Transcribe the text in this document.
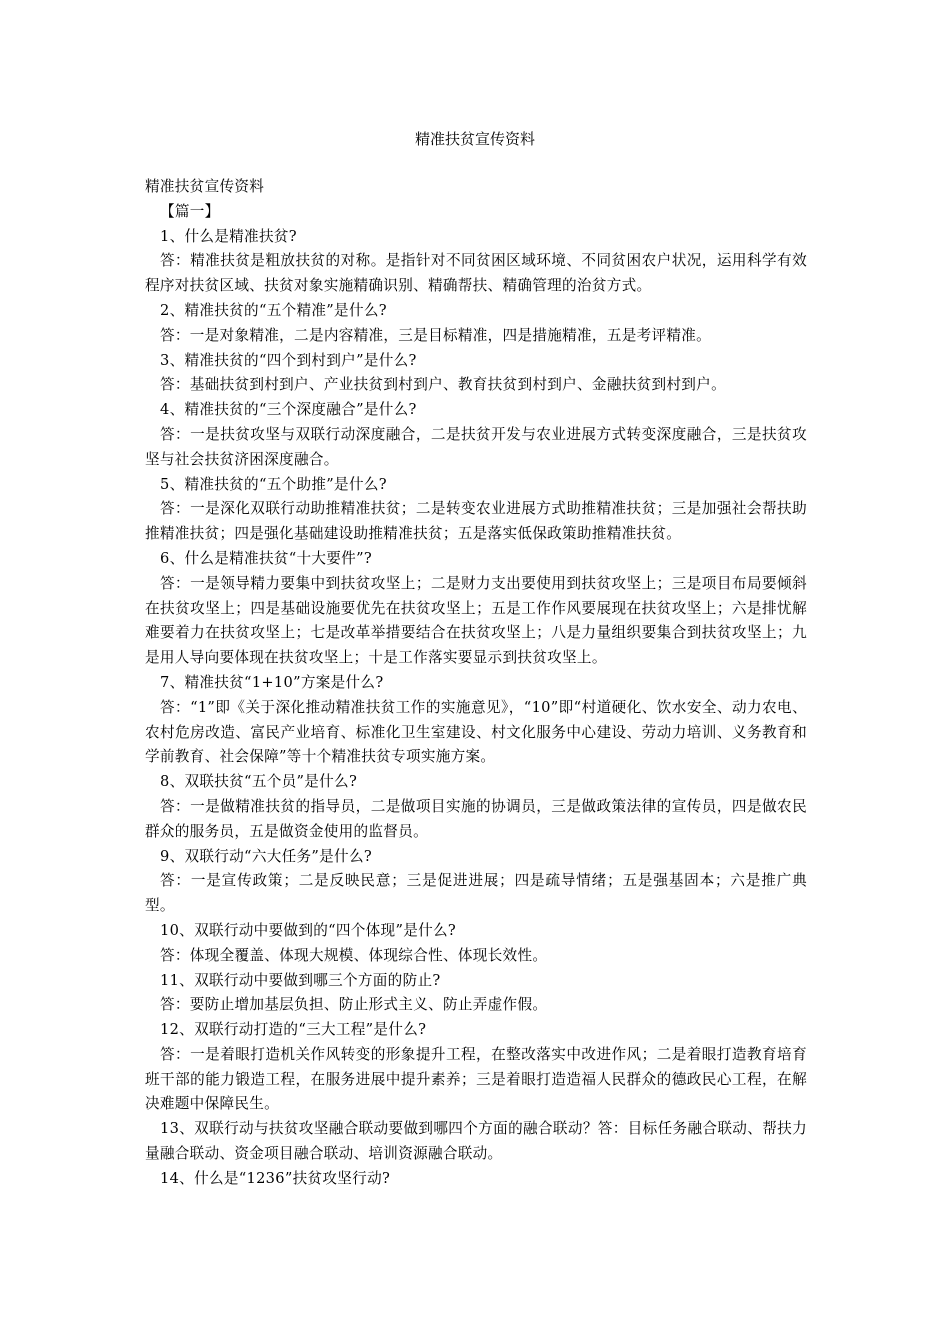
精准扶贫宣传资料

精准扶贫宣传资料

【篇一】

1、什么是精准扶贫?

答：精准扶贫是粗放扶贫的对称。是指针对不同贫困区域环境、不同贫困农户状况，运用科学有效程序对扶贫区域、扶贫对象实施精确识别、精确帮扶、精确管理的治贫方式。

2、精准扶贫的“五个精准”是什么?

答：一是对象精准，二是内容精准，三是目标精准，四是措施精准，五是考评精准。

3、精准扶贫的“四个到村到户”是什么?

答：基础扶贫到村到户、产业扶贫到村到户、教育扶贫到村到户、金融扶贫到村到户。

4、精准扶贫的“三个深度融合”是什么?

答：一是扶贫攻坚与双联行动深度融合，二是扶贫开发与农业进展方式转变深度融合，三是扶贫攻坚与社会扶贫济困深度融合。

5、精准扶贫的“五个助推”是什么?

答：一是深化双联行动助推精准扶贫；二是转变农业进展方式助推精准扶贫；三是加强社会帮扶助推精准扶贫；四是强化基础建设助推精准扶贫；五是落实低保政策助推精准扶贫。

6、什么是精准扶贫“十大要件”?

答：一是领导精力要集中到扶贫攻坚上；二是财力支出要使用到扶贫攻坚上；三是项目布局要倾斜在扶贫攻坚上；四是基础设施要优先在扶贫攻坚上；五是工作作风要展现在扶贫攻坚上；六是排忧解难要着力在扶贫攻坚上；七是改革举措要结合在扶贫攻坚上；八是力量组织要集合到扶贫攻坚上；九是用人导向要体现在扶贫攻坚上；十是工作落实要显示到扶贫攻坚上。

7、精准扶贫“1+10”方案是什么?

答：“1”即《关于深化推动精准扶贫工作的实施意见》，“10”即“村道硬化、饮水安全、动力农电、农村危房改造、富民产业培育、标准化卫生室建设、村文化服务中心建设、劳动力培训、义务教育和学前教育、社会保障”等十个精准扶贫专项实施方案。

8、双联扶贫“五个员”是什么?

答：一是做精准扶贫的指导员，二是做项目实施的协调员，三是做政策法律的宣传员，四是做农民群众的服务员，五是做资金使用的监督员。

9、双联行动“六大任务”是什么?

答：一是宣传政策；二是反映民意；三是促进进展；四是疏导情绪；五是强基固本；六是推广典型。

10、双联行动中要做到的“四个体现”是什么?

答：体现全覆盖、体现大规模、体现综合性、体现长效性。

11、双联行动中要做到哪三个方面的防止?

答：要防止增加基层负担、防止形式主义、防止弄虚作假。

12、双联行动打造的“三大工程”是什么?

答：一是着眼打造机关作风转变的形象提升工程，在整改落实中改进作风；二是着眼打造教育培育班干部的能力锻造工程，在服务进展中提升素养；三是着眼打造造福人民群众的德政民心工程，在解决难题中保障民生。

13、双联行动与扶贫攻坚融合联动要做到哪四个方面的融合联动？答：目标任务融合联动、帮扶力量融合联动、资金项目融合联动、培训资源融合联动。

14、什么是“1236”扶贫攻坚行动?
